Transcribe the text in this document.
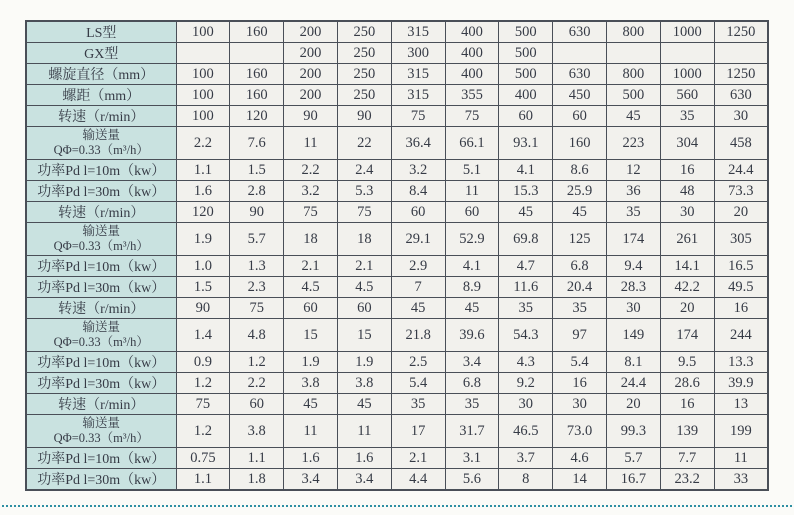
LS型	100	160	200	250	315	400	500	630	800	1000	1250
GX型			200	250	300	400	500				
螺旋直径（mm）	100	160	200	250	315	400	500	630	800	1000	1250
螺距（mm）	100	160	200	250	315	355	400	450	500	560	630
转速（r/min）	100	120	90	90	75	75	60	60	45	35	30
输送量
QΦ=0.33（m³/h）	2.2	7.6	11	22	36.4	66.1	93.1	160	223	304	458
功率Pd l=10m（kw）	1.1	1.5	2.2	2.4	3.2	5.1	4.1	8.6	12	16	24.4
功率Pd l=30m（kw）	1.6	2.8	3.2	5.3	8.4	11	15.3	25.9	36	48	73.3
转速（r/min）	120	90	75	75	60	60	45	45	35	30	20
输送量
QΦ=0.33（m³/h）	1.9	5.7	18	18	29.1	52.9	69.8	125	174	261	305
功率Pd l=10m（kw）	1.0	1.3	2.1	2.1	2.9	4.1	4.7	6.8	9.4	14.1	16.5
功率Pd l=30m（kw）	1.5	2.3	4.5	4.5	7	8.9	11.6	20.4	28.3	42.2	49.5
转速（r/min）	90	75	60	60	45	45	35	35	30	20	16
输送量
QΦ=0.33（m³/h）	1.4	4.8	15	15	21.8	39.6	54.3	97	149	174	244
功率Pd l=10m（kw）	0.9	1.2	1.9	1.9	2.5	3.4	4.3	5.4	8.1	9.5	13.3
功率Pd l=30m（kw）	1.2	2.2	3.8	3.8	5.4	6.8	9.2	16	24.4	28.6	39.9
转速（r/min）	75	60	45	45	35	35	30	30	20	16	13
输送量
QΦ=0.33（m³/h）	1.2	3.8	11	11	17	31.7	46.5	73.0	99.3	139	199
功率Pd l=10m（kw）	0.75	1.1	1.6	1.6	2.1	3.1	3.7	4.6	5.7	7.7	11
功率Pd l=30m（kw）	1.1	1.8	3.4	3.4	4.4	5.6	8	14	16.7	23.2	33
